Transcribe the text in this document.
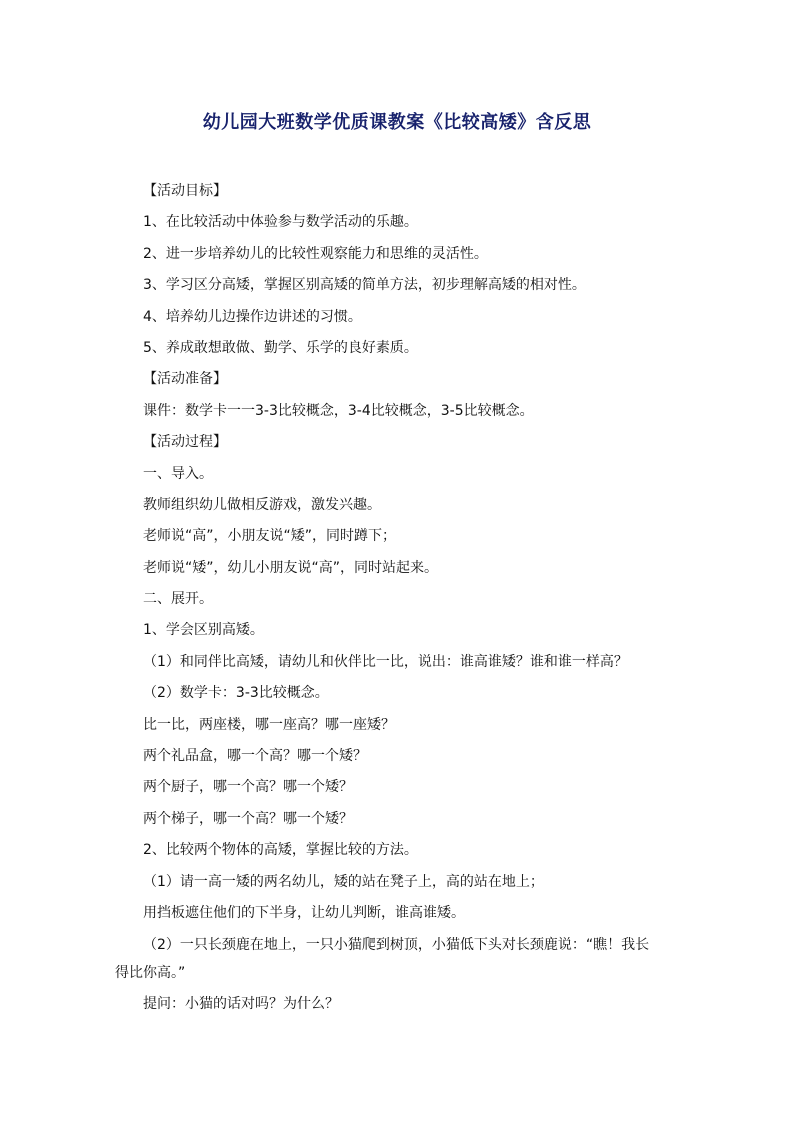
幼儿园大班数学优质课教案《比较高矮》含反思
【活动目标】
1、在比较活动中体验参与数学活动的乐趣。
2、进一步培养幼儿的比较性观察能力和思维的灵活性。
3、学习区分高矮，掌握区别高矮的简单方法，初步理解高矮的相对性。
4、培养幼儿边操作边讲述的习惯。
5、养成敢想敢做、勤学、乐学的良好素质。
【活动准备】
课件：数学卡一一3-3比较概念，3-4比较概念，3-5比较概念。
【活动过程】
一、导入。
教师组织幼儿做相反游戏，激发兴趣。
老师说“高”，小朋友说“矮”，同时蹲下；
老师说“矮”，幼儿小朋友说“高”，同时站起来。
二、展开。
1、学会区别高矮。
（1）和同伴比高矮，请幼儿和伙伴比一比，说出：谁高谁矮？谁和谁一样高？
（2）数学卡：3-3比较概念。
比一比，两座楼，哪一座高？哪一座矮？
两个礼品盒，哪一个高？哪一个矮？
两个厨子，哪一个高？哪一个矮？
两个梯子，哪一个高？哪一个矮？
2、比较两个物体的高矮，掌握比较的方法。
（1）请一高一矮的两名幼儿，矮的站在凳子上，高的站在地上；
用挡板遮住他们的下半身，让幼儿判断，谁高谁矮。
（2）一只长颈鹿在地上，一只小猫爬到树顶，小猫低下头对长颈鹿说：“瞧！我长得比你高。”
提问：小猫的话对吗？为什么？
